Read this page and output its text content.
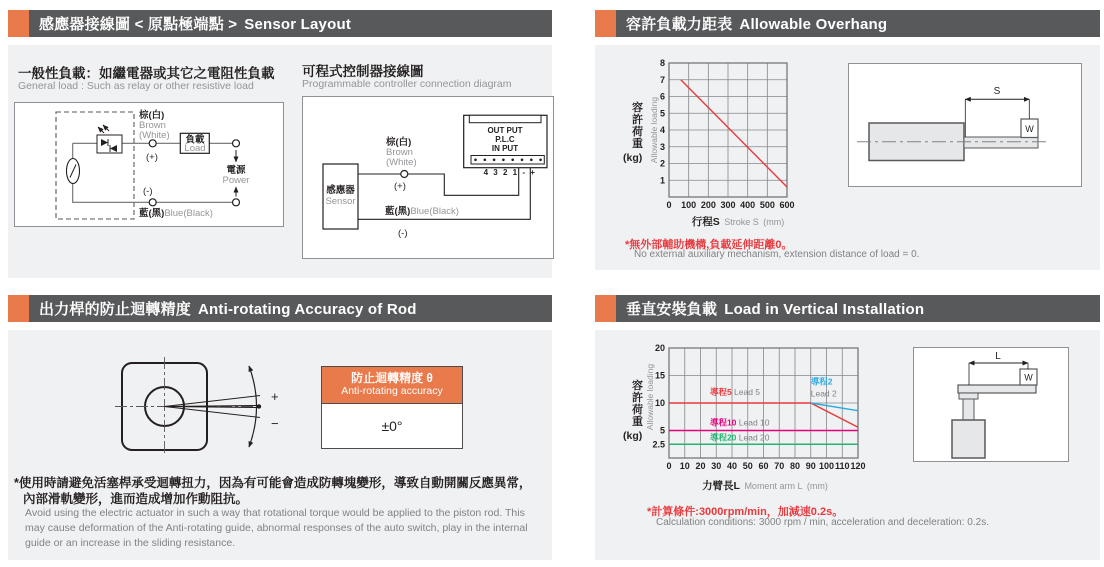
感應器接線圖 < 原點極端點 > Sensor Layout
一般性負載：如繼電器或其它之電阻性負載
General load : Such as relay or other resistive load
負載
Load
電源
Power
棕(白)
Brown
(White)
(+)
(-)
藍(黑)Blue(Black)
可程式控制器接線圖
Programmable controller connection diagram
感應器
Sensor
OUT PUT
P.L.C
IN PUT
4 3 2 1 - +
棕(白)
Brown
(White)
(+)
藍(黑)Blue(Black)
(-)
容許負載力距表 Allowable Overhang
容許荷重
(kg) Allowable loading
0 100 200 300 400 500 600
1
2
3
4
5
6
7
8
行程S Stroke S (mm)
W
S
*無外部輔助機構,負載延伸距離0。
No external auxiliary mechanism, extension distance of load = 0.
出力桿的防止迴轉精度 Anti-rotating Accuracy of Rod
+
−
防止迴轉精度 θ
Anti-rotating accuracy
±0°
*使用時請避免活塞桿承受迴轉扭力，因為有可能會造成防轉塊變形，導致自動開關反應異常，
內部滑軌變形，進而造成增加作動阻抗。
Avoid using the electric actuator in such a way that rotational torque would be applied to the piston rod. This may cause deformation of the Anti-rotating guide, abnormal responses of the auto switch, play in the internal guide or an increase in the sliding resistance.
垂直安裝負載 Load in Vertical Installation
容許荷重
(kg)
Allowable loading
0 10 20 30 40 50 60 70 80 90 100 110 120
2.5
5
10
15
20
導程5 Lead 5
導程2
Lead 2
導程10 Lead 10
導程20 Lead 20
力臂長L Moment arm L (mm)
W
L
*計算條件:3000rpm/min，加減速0.2s。
Calculation conditions: 3000 rpm / min, acceleration and deceleration: 0.2s.
